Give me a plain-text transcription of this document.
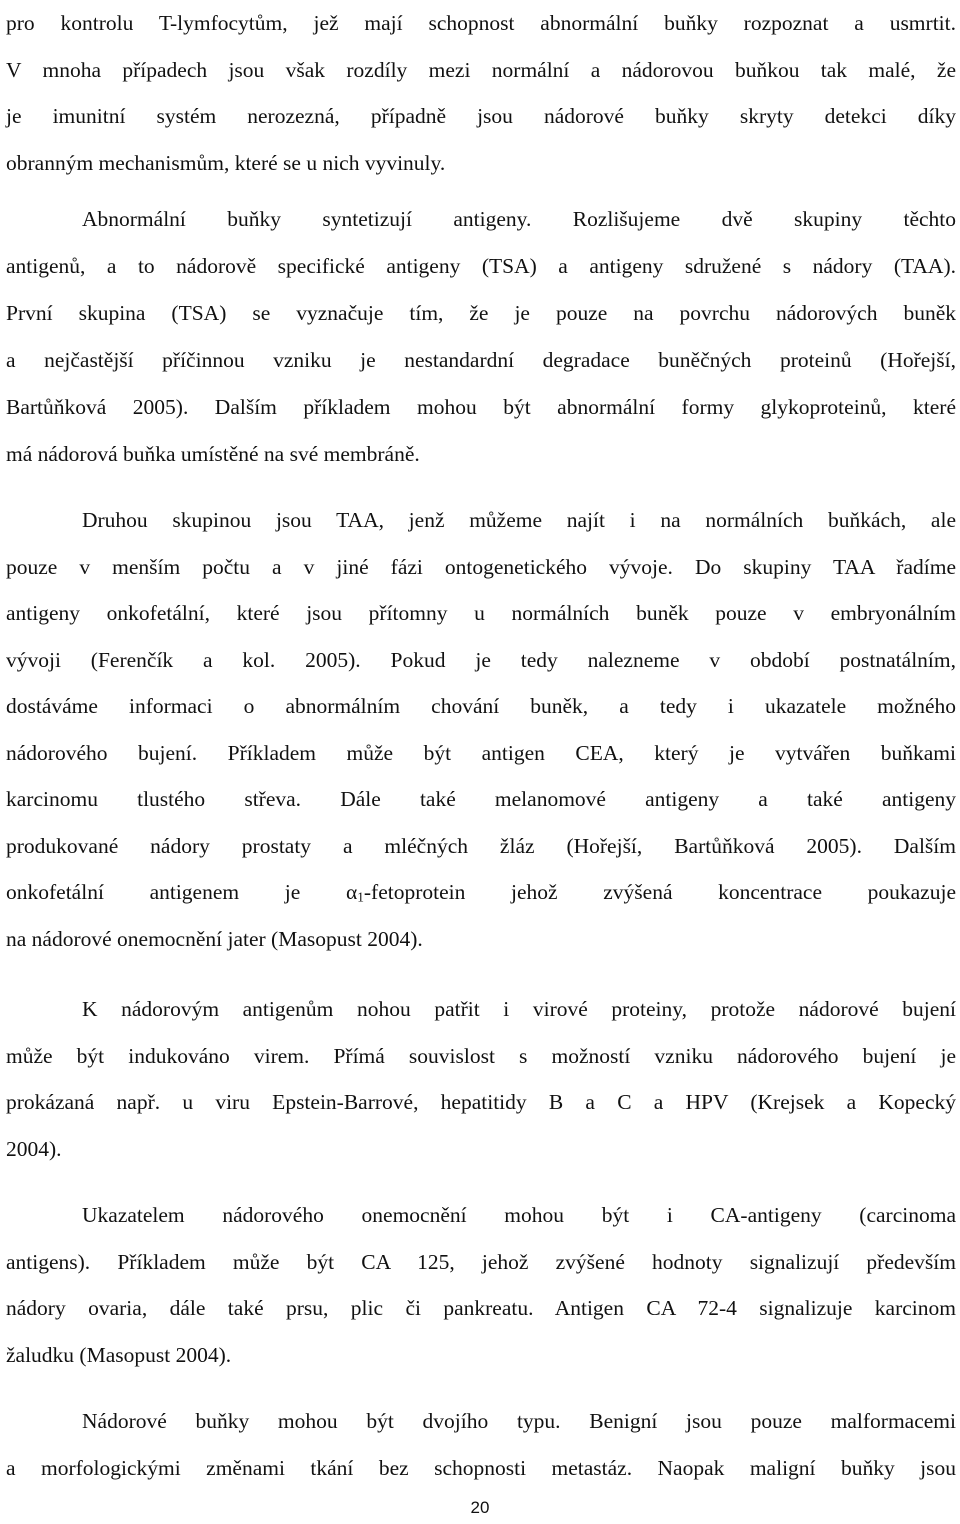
pro kontrolu T-lymfocytům, jež mají schopnost abnormální buňky rozpoznat a usmrtit.
V mnoha případech jsou však rozdíly mezi normální a nádorovou buňkou tak malé, že
je imunitní systém nerozezná, případně jsou nádorové buňky skryty detekci díky
obranným mechanismům, které se u nich vyvinuly.

Abnormální buňky syntetizují antigeny. Rozlišujeme dvě skupiny těchto
antigenů, a to nádorově specifické antigeny (TSA) a antigeny sdružené s nádory (TAA).
První skupina (TSA) se vyznačuje tím, že je pouze na povrchu nádorových buněk
a nejčastější příčinnou vzniku je nestandardní degradace buněčných proteinů (Hořejší,
Bartůňková 2005). Dalším příkladem mohou být abnormální formy glykoproteinů, které
má nádorová buňka umístěné na své membráně.

Druhou skupinou jsou TAA, jenž můžeme najít i na normálních buňkách, ale
pouze v menším počtu a v jiné fázi ontogenetického vývoje. Do skupiny TAA řadíme
antigeny onkofetální, které jsou přítomny u normálních buněk pouze v embryonálním
vývoji (Ferenčík a kol. 2005). Pokud je tedy nalezneme v období postnatálním,
dostáváme informaci o abnormálním chování buněk, a tedy i ukazatele možného
nádorového bujení. Příkladem může být antigen CEA, který je vytvářen buňkami
karcinomu tlustého střeva. Dále také melanomové antigeny a také antigeny
produkované nádory prostaty a mléčných žláz (Hořejší, Bartůňková 2005). Dalším
onkofetální antigenem je $\alpha_1$-fetoprotein jehož zvýšená koncentrace poukazuje
na nádorové onemocnění jater (Masopust 2004).

K nádorovým antigenům nohou patřit i virové proteiny, protože nádorové bujení
může být indukováno virem. Přímá souvislost s možností vzniku nádorového bujení je
prokázaná např. u viru Epstein-Barrové, hepatitidy B a C a HPV (Krejsek a Kopecký
2004).

Ukazatelem nádorového onemocnění mohou být i CA-antigeny (carcinoma
antigens). Příkladem může být CA 125, jehož zvýšené hodnoty signalizují především
nádory ovaria, dále také prsu, plic či pankreatu. Antigen CA 72-4 signalizuje karcinom
žaludku (Masopust 2004).

Nádorové buňky mohou být dvojího typu. Benigní jsou pouze malformacemi
a morfologickými změnami tkání bez schopnosti metastáz. Naopak maligní buňky jsou

20
